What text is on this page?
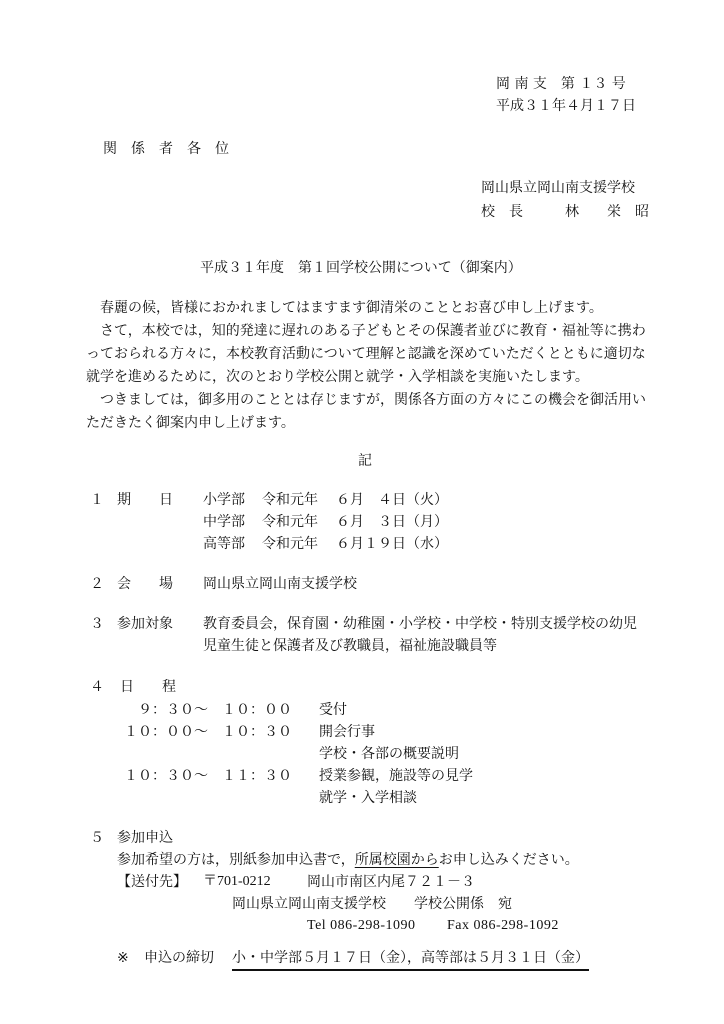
岡 南 支　第 １３ 号
平成３１年４月１７日
関　係　者　各　位
岡山県立岡山南支援学校
校　長　　　林　　栄　昭
平成３１年度　第１回学校公開について（御案内）
春麗の候，皆様におかれましてはますます御清栄のこととお喜び申し上げます。
さて，本校では，知的発達に遅れのある子どもとその保護者並びに教育・福祉等に携わっておられる方々に，本校教育活動について理解と認識を深めていただくとともに適切な就学を進めるために，次のとおり学校公開と就学・入学相談を実施いたします。
つきましては，御多用のこととは存じますが，関係各方面の方々にこの機会を御活用いただきたく御案内申し上げます。
記
１ 期　　日 小学部 令和元年 ６月　４日（火）
中学部 令和元年 ６月　３日（月）
高等部 令和元年 ６月１９日（水）
２ 会　　場 岡山県立岡山南支援学校
３ 参加対象 教育委員会，保育園・幼稚園・小学校・中学校・特別支援学校の幼児
児童生徒と保護者及び教職員，福祉施設職員等
４ 日　　程
９：３０〜　１０：００ 受付
１０：００〜　１０：３０ 開会行事
学校・各部の概要説明
１０：３０〜　１１：３０ 授業参観，施設等の見学
就学・入学相談
５ 参加申込
参加希望の方は，別紙参加申込書で，所属校園からお申し込みください。
【送付先】 〒701-0212	岡山市南区内尾７２１－３
岡山県立岡山南支援学校　　学校公開係　宛
Tel 086-298-1090 Fax 086-298-1092
※ 申込の締切 小・中学部５月１７日（金），高等部は５月３１日（金）
